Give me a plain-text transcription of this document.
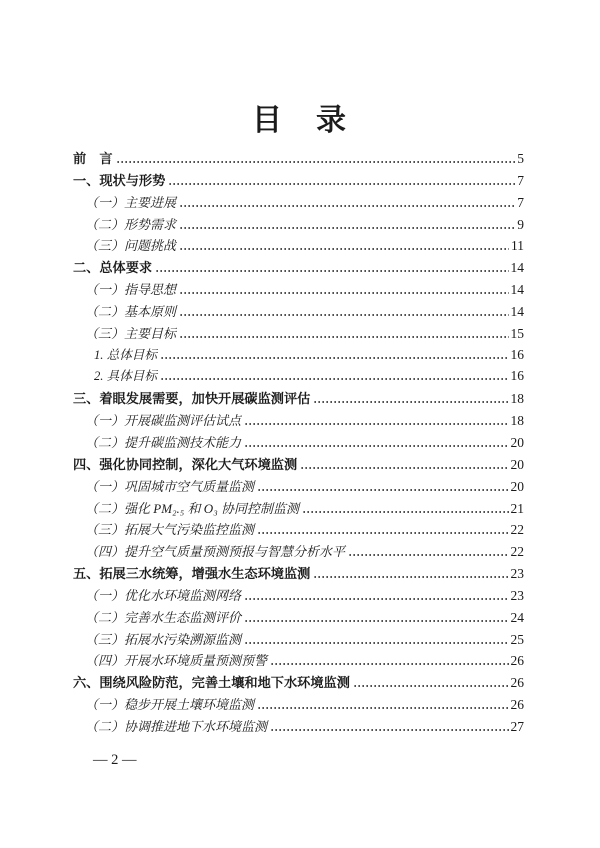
目　录
前　言	5
一、现状与形势	7
（一）主要进展	7
（二）形势需求	9
（三）问题挑战	11
二、总体要求	14
（一）指导思想	14
（二）基本原则	14
（三）主要目标	15
1. 总体目标	16
2. 具体目标	16
三、着眼发展需要，加快开展碳监测评估	18
（一）开展碳监测评估试点	18
（二）提升碳监测技术能力	20
四、强化协同控制，深化大气环境监测	20
（一）巩固城市空气质量监测	20
（二）强化 PM₂.₅ 和 O₃ 协同控制监测	21
（三）拓展大气污染监控监测	22
（四）提升空气质量预测预报与智慧分析水平	22
五、拓展三水统筹，增强水生态环境监测	23
（一）优化水环境监测网络	23
（二）完善水生态监测评价	24
（三）拓展水污染溯源监测	25
（四）开展水环境质量预测预警	26
六、围绕风险防范，完善土壤和地下水环境监测	26
（一）稳步开展土壤环境监测	26
（二）协调推进地下水环境监测	27
— 2 —
